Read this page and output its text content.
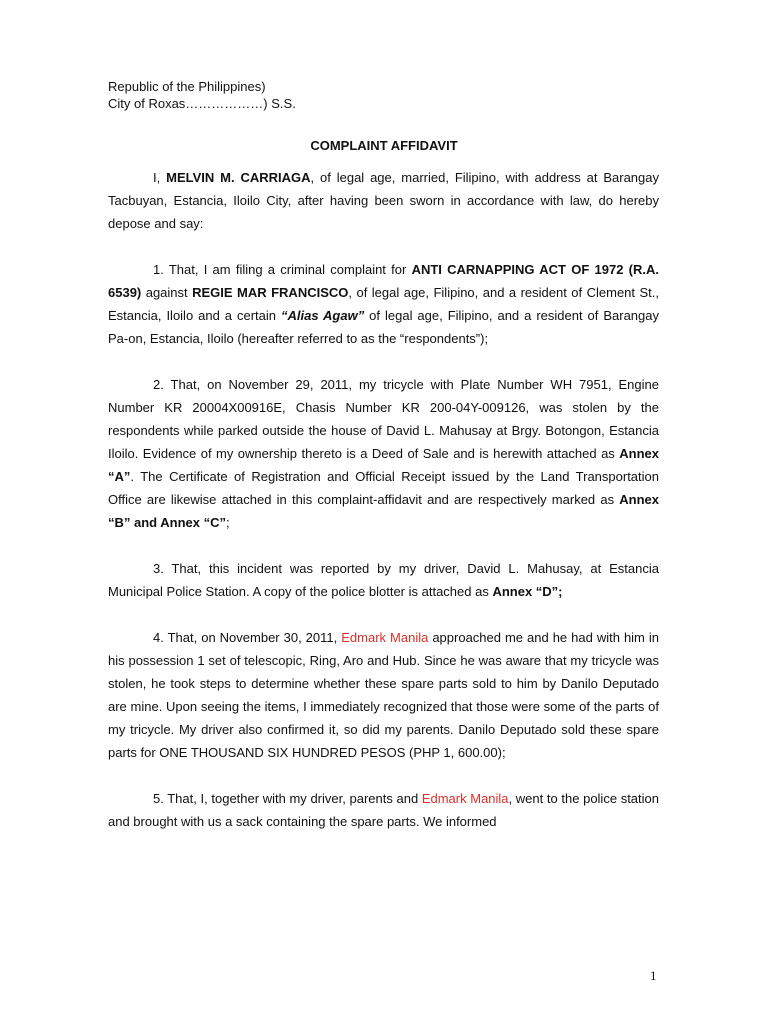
Republic of the Philippines)
City of Roxas………………) S.S.
COMPLAINT AFFIDAVIT

I, MELVIN M. CARRIAGA, of legal age, married, Filipino, with address at Barangay Tacbuyan, Estancia, Iloilo City, after having been sworn in accordance with law, do hereby depose and say:

1. That, I am filing a criminal complaint for ANTI CARNAPPING ACT OF 1972 (R.A. 6539) against REGIE MAR FRANCISCO, of legal age, Filipino, and a resident of Clement St., Estancia, Iloilo and a certain “Alias Agaw” of legal age, Filipino, and a resident of Barangay Pa-on, Estancia, Iloilo (hereafter referred to as the “respondents”);

2. That, on November 29, 2011, my tricycle with Plate Number WH 7951, Engine Number KR 20004X00916E, Chasis Number KR 200-04Y-009126, was stolen by the respondents while parked outside the house of David L. Mahusay at Brgy. Botongon, Estancia Iloilo. Evidence of my ownership thereto is a Deed of Sale and is herewith attached as Annex “A”. The Certificate of Registration and Official Receipt issued by the Land Transportation Office are likewise attached in this complaint-affidavit and are respectively marked as Annex “B” and Annex “C”;

3. That, this incident was reported by my driver, David L. Mahusay, at Estancia Municipal Police Station. A copy of the police blotter is attached as Annex “D”;

4. That, on November 30, 2011, Edmark Manila approached me and he had with him in his possession 1 set of telescopic, Ring, Aro and Hub. Since he was aware that my tricycle was stolen, he took steps to determine whether these spare parts sold to him by Danilo Deputado are mine. Upon seeing the items, I immediately recognized that those were some of the parts of my tricycle. My driver also confirmed it, so did my parents. Danilo Deputado sold these spare parts for ONE THOUSAND SIX HUNDRED PESOS (PHP 1, 600.00);

5. That, I, together with my driver, parents and Edmark Manila, went to the police station and brought with us a sack containing the spare parts. We informed

1
